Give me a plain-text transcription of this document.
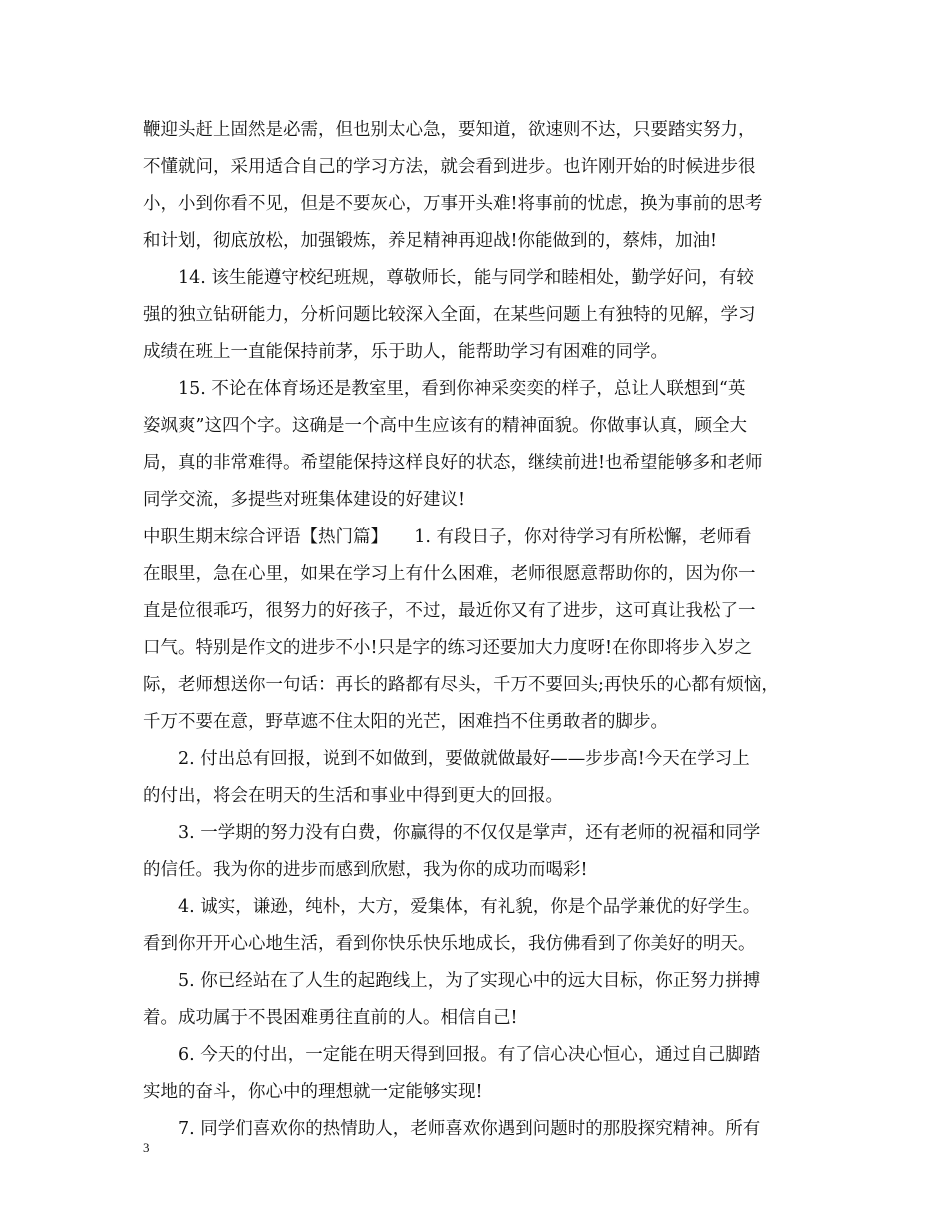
鞭迎头赶上固然是必需，但也别太心急，要知道，欲速则不达，只要踏实努力，
不懂就问，采用适合自己的学习方法，就会看到进步。也许刚开始的时候进步很
小，小到你看不见，但是不要灰心，万事开头难!将事前的忧虑，换为事前的思考
和计划，彻底放松，加强锻炼，养足精神再迎战!你能做到的，蔡炜，加油!
　　14. 该生能遵守校纪班规，尊敬师长，能与同学和睦相处，勤学好问，有较
强的独立钻研能力，分析问题比较深入全面，在某些问题上有独特的见解，学习
成绩在班上一直能保持前茅，乐于助人，能帮助学习有困难的同学。
　　15. 不论在体育场还是教室里，看到你神采奕奕的样子，总让人联想到“英
姿飒爽”这四个字。这确是一个高中生应该有的精神面貌。你做事认真，顾全大
局，真的非常难得。希望能保持这样良好的状态，继续前进!也希望能够多和老师
同学交流，多提些对班集体建设的好建议!
中职生期末综合评语【热门篇】　　1. 有段日子，你对待学习有所松懈，老师看
在眼里，急在心里，如果在学习上有什么困难，老师很愿意帮助你的，因为你一
直是位很乖巧，很努力的好孩子，不过，最近你又有了进步，这可真让我松了一
口气。特别是作文的进步不小!只是字的练习还要加大力度呀!在你即将步入岁之
际，老师想送你一句话：再长的路都有尽头，千万不要回头;再快乐的心都有烦恼，
千万不要在意，野草遮不住太阳的光芒，困难挡不住勇敢者的脚步。
　　2. 付出总有回报，说到不如做到，要做就做最好——步步高!今天在学习上
的付出，将会在明天的生活和事业中得到更大的回报。
　　3. 一学期的努力没有白费，你赢得的不仅仅是掌声，还有老师的祝福和同学
的信任。我为你的进步而感到欣慰，我为你的成功而喝彩!
　　4. 诚实，谦逊，纯朴，大方，爱集体，有礼貌，你是个品学兼优的好学生。
看到你开开心心地生活，看到你快乐快乐地成长，我仿佛看到了你美好的明天。
　　5. 你已经站在了人生的起跑线上，为了实现心中的远大目标，你正努力拼搏
着。成功属于不畏困难勇往直前的人。相信自己!
　　6. 今天的付出，一定能在明天得到回报。有了信心决心恒心，通过自己脚踏
实地的奋斗，你心中的理想就一定能够实现!
　　7. 同学们喜欢你的热情助人，老师喜欢你遇到问题时的那股探究精神。所有
3
